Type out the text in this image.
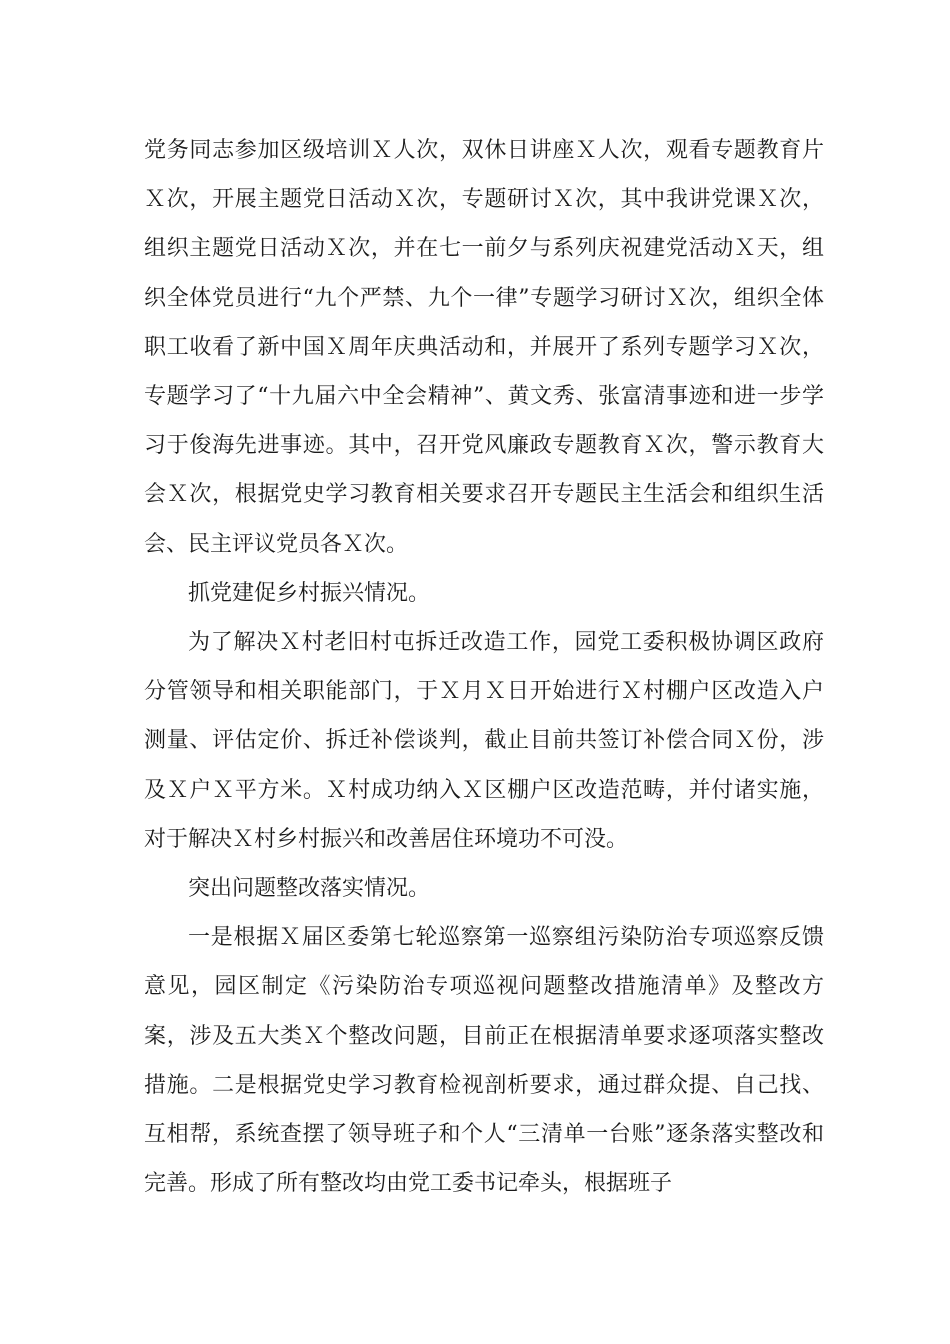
党务同志参加区级培训Ｘ人次，双休日讲座Ｘ人次，观看专题教育片Ｘ次，开展主题党日活动Ｘ次，专题研讨Ｘ次，其中我讲党课Ｘ次，组织主题党日活动Ｘ次，并在七一前夕与系列庆祝建党活动Ｘ天，组织全体党员进行“九个严禁、九个一律”专题学习研讨Ｘ次，组织全体职工收看了新中国Ｘ周年庆典活动和，并展开了系列专题学习Ｘ次，专题学习了“十九届六中全会精神”、黄文秀、张富清事迹和进一步学习于俊海先进事迹。其中，召开党风廉政专题教育Ｘ次，警示教育大会Ｘ次，根据党史学习教育相关要求召开专题民主生活会和组织生活会、民主评议党员各Ｘ次。

抓党建促乡村振兴情况。

为了解决Ｘ村老旧村屯拆迁改造工作，园党工委积极协调区政府分管领导和相关职能部门，于Ｘ月Ｘ日开始进行Ｘ村棚户区改造入户测量、评估定价、拆迁补偿谈判，截止目前共签订补偿合同Ｘ份，涉及Ｘ户Ｘ平方米。Ｘ村成功纳入Ｘ区棚户区改造范畴，并付诸实施，对于解决Ｘ村乡村振兴和改善居住环境功不可没。

突出问题整改落实情况。

一是根据Ｘ届区委第七轮巡察第一巡察组污染防治专项巡察反馈意见，园区制定《污染防治专项巡视问题整改措施清单》及整改方案，涉及五大类Ｘ个整改问题，目前正在根据清单要求逐项落实整改措施。二是根据党史学习教育检视剖析要求，通过群众提、自己找、互相帮，系统查摆了领导班子和个人“三清单一台账”逐条落实整改和完善。形成了所有整改均由党工委书记牵头，根据班子
